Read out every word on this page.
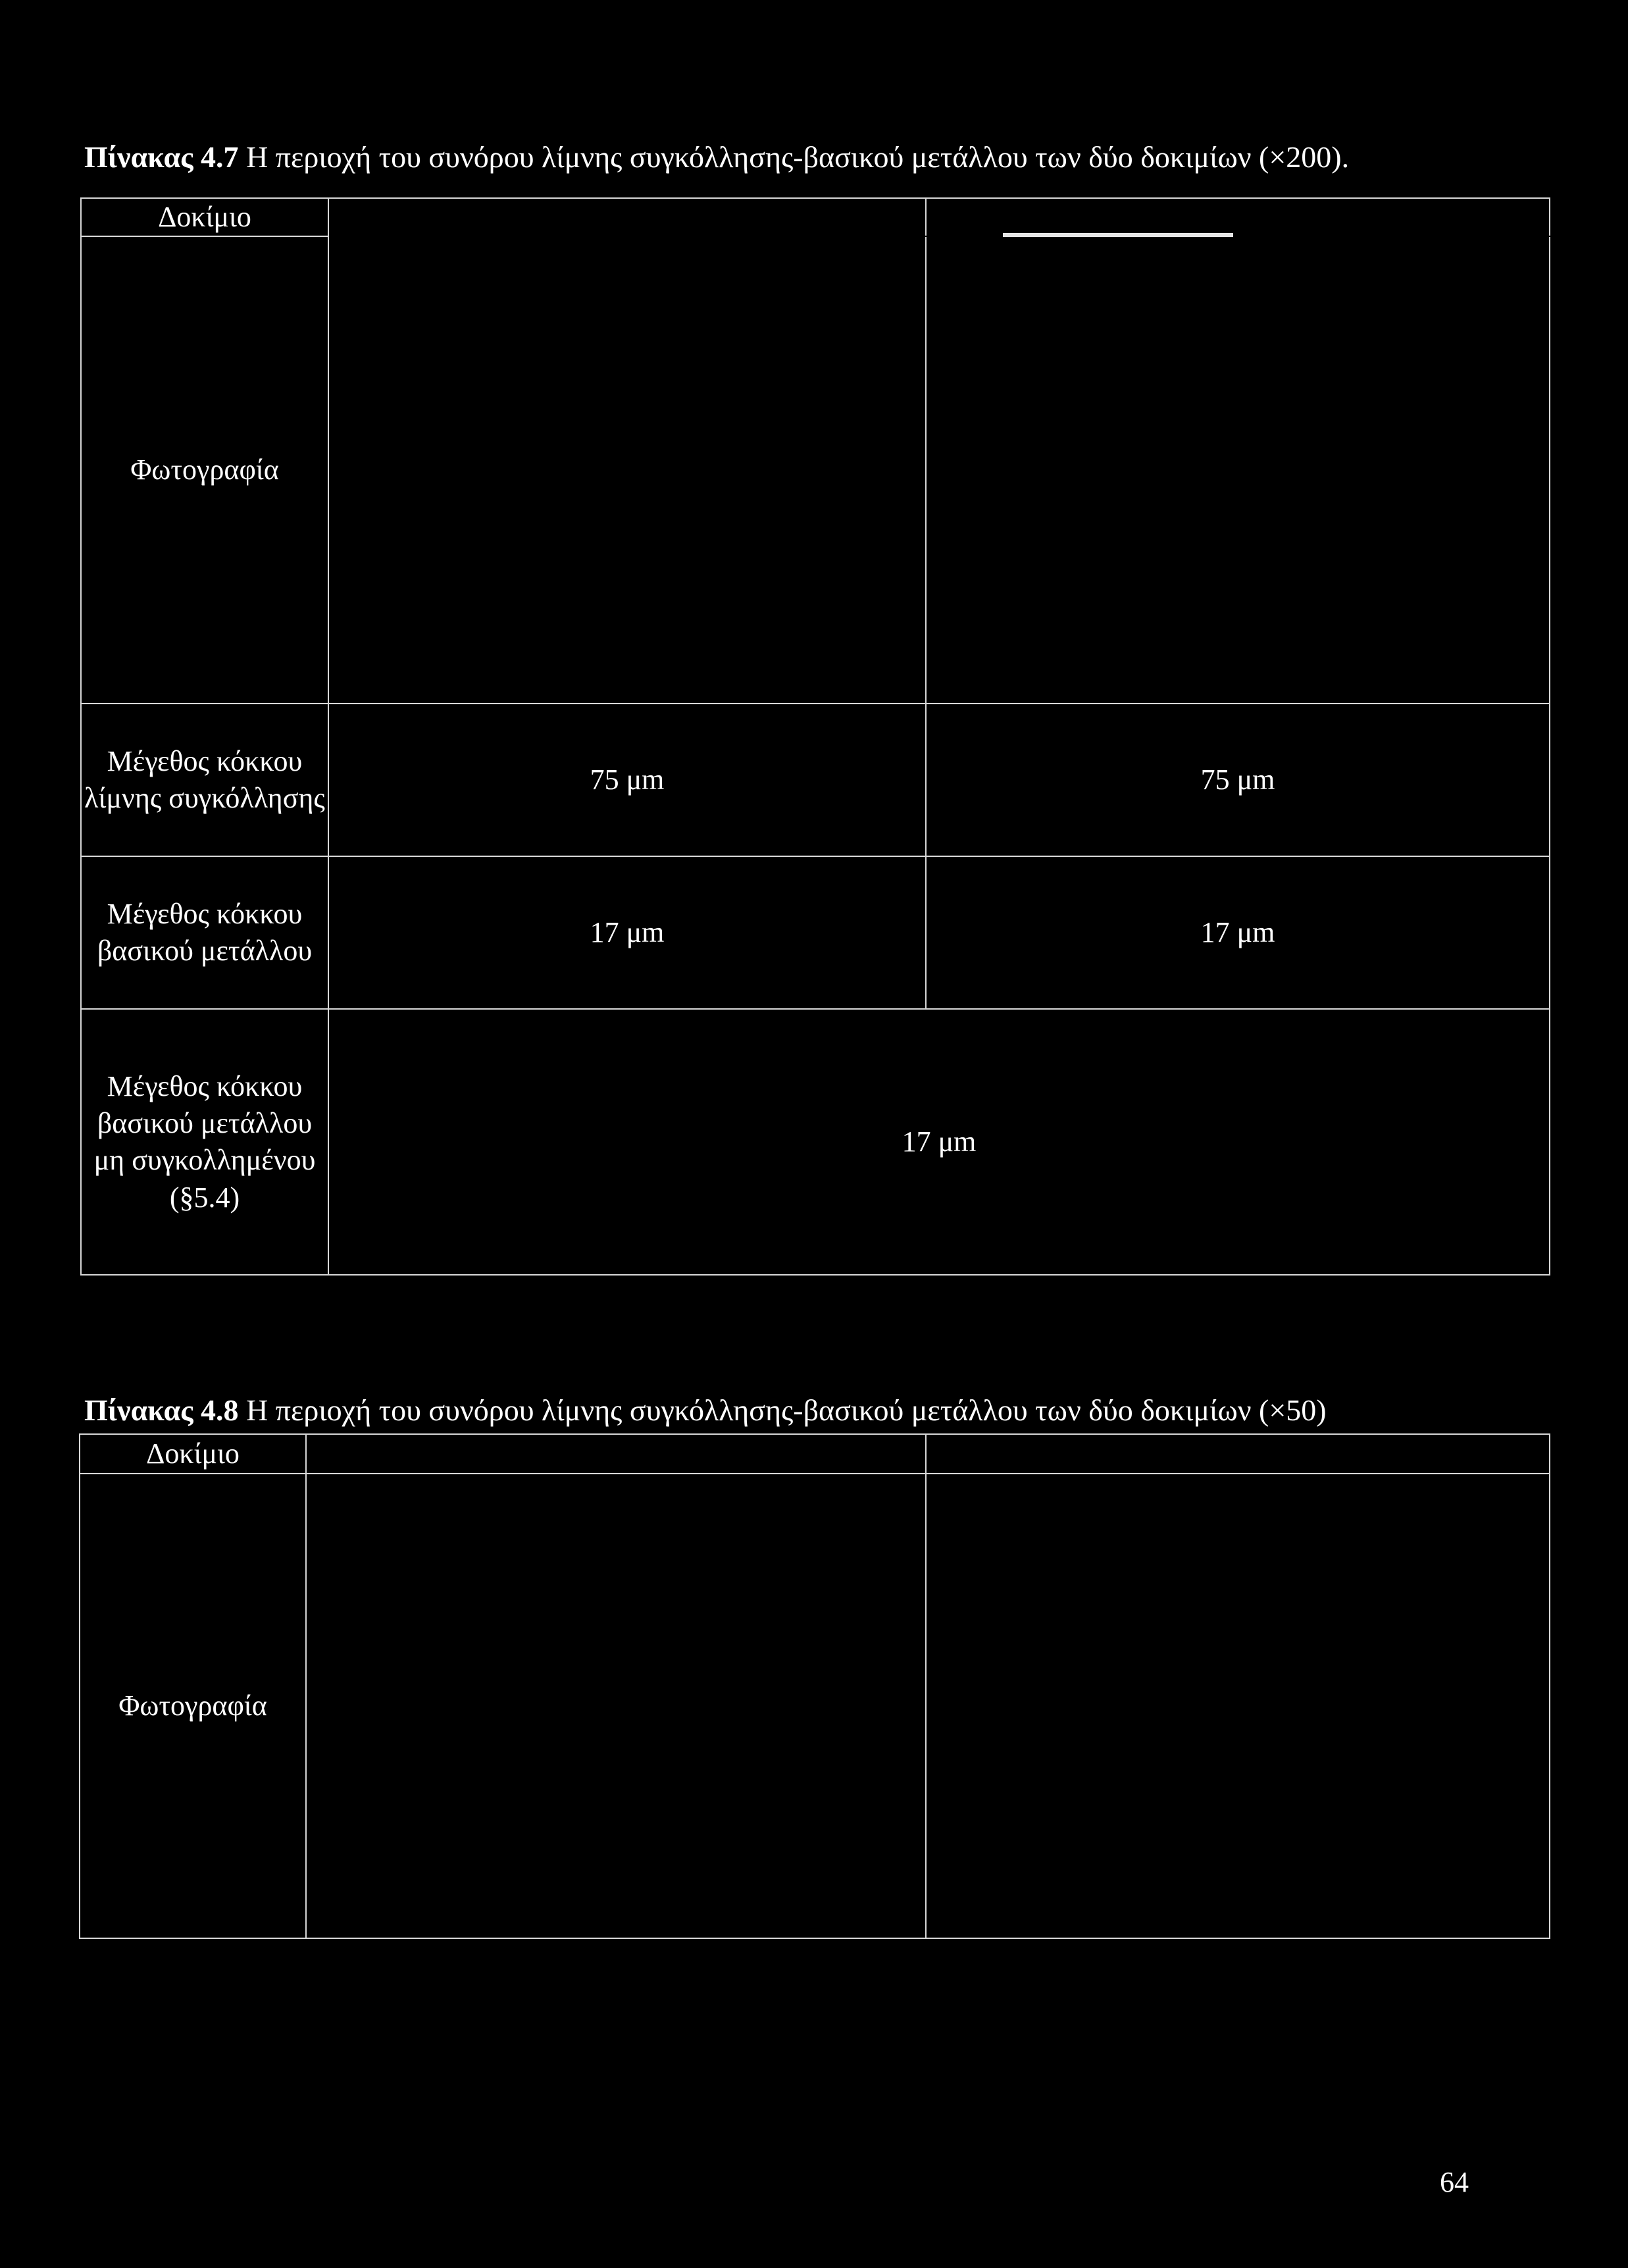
Πίνακας 4.7 Η περιοχή του συνόρου λίμνης συγκόλλησης-βασικού μετάλλου των δύο δοκιμίων (×200).
Δοκίμιο		
Φωτογραφία		
Μέγεθος κόκκου λίμνης συγκόλλησης	75 μm	75 μm
Μέγεθος κόκκου βασικού μετάλλου	17 μm	17 μm
Μέγεθος κόκκου βασικού μετάλλου μη συγκολλημένου (§5.4)	17 μm	
Πίνακας 4.8 Η περιοχή του συνόρου λίμνης συγκόλλησης-βασικού μετάλλου των δύο δοκιμίων (×50)
Δοκίμιο		
Φωτογραφία		
64
